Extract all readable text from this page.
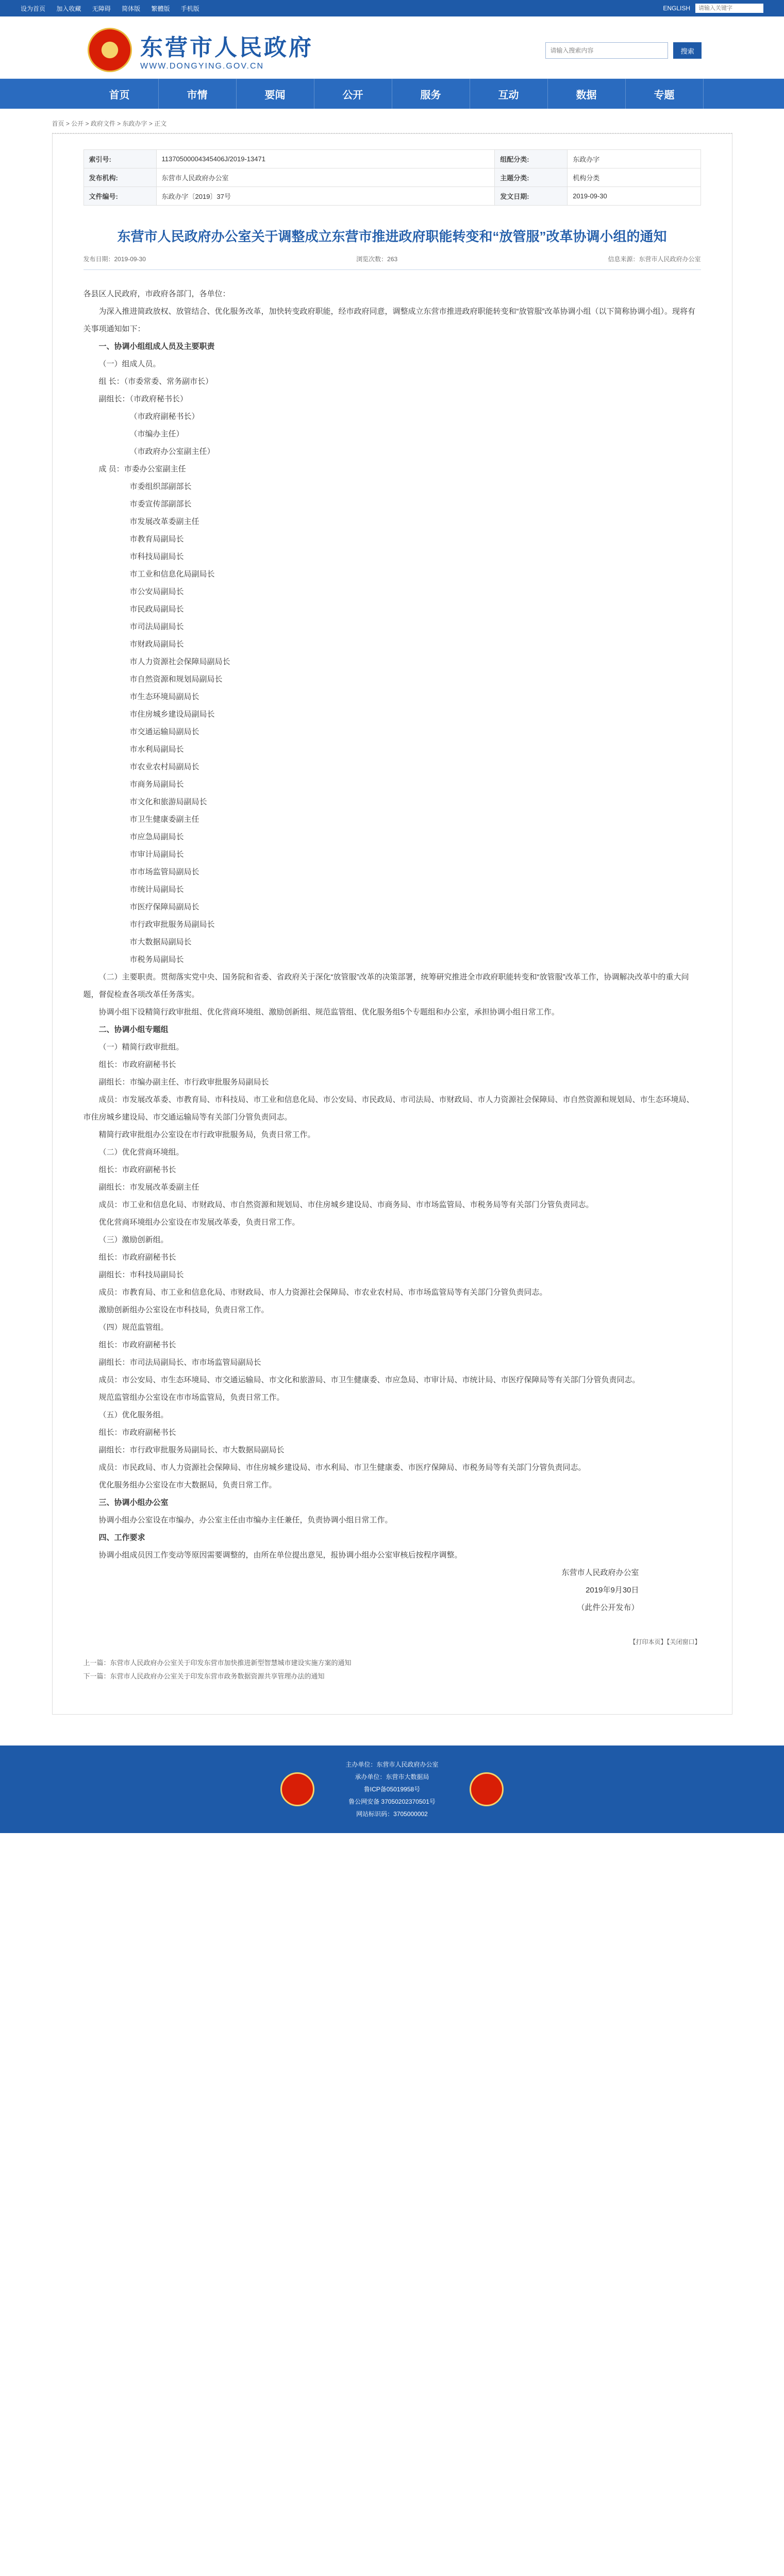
设为首页 加入收藏 无障碍 简体版 繁體版 手机版	ENGLISH
请输入关键字
东营市人民政府
WWW.DONGYING.GOV.CN
请输入搜索内容
搜索
首页	市情	要闻	公开	服务	互动	数据	专题
首页 > 公开 > 政府文件 > 东政办字 > 正文
索引号:	11370500004345406J/2019-13471	组配分类:	东政办字
发布机构:	东营市人民政府办公室	主题分类:	机构分类
文件编号:	东政办字〔2019〕37号	发文日期:	2019-09-30
东营市人民政府办公室关于调整成立东营市推进政府职能转变和“放管服”改革协调小组的通知
发布日期：2019-09-30	浏览次数：263	信息来源：东营市人民政府办公室

各县区人民政府，市政府各部门，各单位：

为深入推进简政放权、放管结合、优化服务改革，加快转变政府职能，经市政府同意，调整成立东营市推进政府职能转变和“放管服”改革协调小组（以下简称协调小组）。现将有关事项通知如下：

一、协调小组组成人员及主要职责

（一）组成人员。

组 长：（市委常委、常务副市长）

副组长：（市政府秘书长）

（市政府副秘书长）

（市编办主任）

（市政府办公室副主任）

成 员：市委办公室副主任

市委组织部副部长

市委宣传部副部长

市发展改革委副主任

市教育局副局长

市科技局副局长

市工业和信息化局副局长

市公安局副局长

市民政局副局长

市司法局副局长

市财政局副局长

市人力资源社会保障局副局长

市自然资源和规划局副局长

市生态环境局副局长

市住房城乡建设局副局长

市交通运输局副局长

市水利局副局长

市农业农村局副局长

市商务局副局长

市文化和旅游局副局长

市卫生健康委副主任

市应急局副局长

市审计局副局长

市市场监管局副局长

市统计局副局长

市医疗保障局副局长

市行政审批服务局副局长

市大数据局副局长

市税务局副局长

（二）主要职责。贯彻落实党中央、国务院和省委、省政府关于深化“放管服”改革的决策部署，统筹研究推进全市政府职能转变和“放管服”改革工作，协调解决改革中的重大问题，督促检查各项改革任务落实。

协调小组下设精简行政审批组、优化营商环境组、激励创新组、规范监管组、优化服务组5个专题组和办公室，承担协调小组日常工作。

二、协调小组专题组

（一）精简行政审批组。

组长：市政府副秘书长

副组长：市编办副主任、市行政审批服务局副局长

成员：市发展改革委、市教育局、市科技局、市工业和信息化局、市公安局、市民政局、市司法局、市财政局、市人力资源社会保障局、市自然资源和规划局、市生态环境局、市住房城乡建设局、市交通运输局等有关部门分管负责同志。

精简行政审批组办公室设在市行政审批服务局，负责日常工作。

（二）优化营商环境组。

组长：市政府副秘书长

副组长：市发展改革委副主任

成员：市工业和信息化局、市财政局、市自然资源和规划局、市住房城乡建设局、市商务局、市市场监管局、市税务局等有关部门分管负责同志。

优化营商环境组办公室设在市发展改革委，负责日常工作。

（三）激励创新组。

组长：市政府副秘书长

副组长：市科技局副局长

成员：市教育局、市工业和信息化局、市财政局、市人力资源社会保障局、市农业农村局、市市场监管局等有关部门分管负责同志。

激励创新组办公室设在市科技局，负责日常工作。

（四）规范监管组。

组长：市政府副秘书长

副组长：市司法局副局长、市市场监管局副局长

成员：市公安局、市生态环境局、市交通运输局、市文化和旅游局、市卫生健康委、市应急局、市审计局、市统计局、市医疗保障局等有关部门分管负责同志。

规范监管组办公室设在市市场监管局，负责日常工作。

（五）优化服务组。

组长：市政府副秘书长

副组长：市行政审批服务局副局长、市大数据局副局长

成员：市民政局、市人力资源社会保障局、市住房城乡建设局、市水利局、市卫生健康委、市医疗保障局、市税务局等有关部门分管负责同志。

优化服务组办公室设在市大数据局，负责日常工作。

三、协调小组办公室

协调小组办公室设在市编办，办公室主任由市编办主任兼任，负责协调小组日常工作。

四、工作要求

协调小组成员因工作变动等原因需要调整的，由所在单位提出意见，报协调小组办公室审核后按程序调整。

东营市人民政府办公室

2019年9月30日

（此件公开发布）

【打印本页】【关闭窗口】
上一篇：东营市人民政府办公室关于印发东营市加快推进新型智慧城市建设实施方案的通知
下一篇：东营市人民政府办公室关于印发东营市政务数据资源共享管理办法的通知
主办单位：东营市人民政府办公室
承办单位：东营市大数据局
鲁ICP备05019958号
鲁公网安备 37050202370501号
网站标识码：3705000002
